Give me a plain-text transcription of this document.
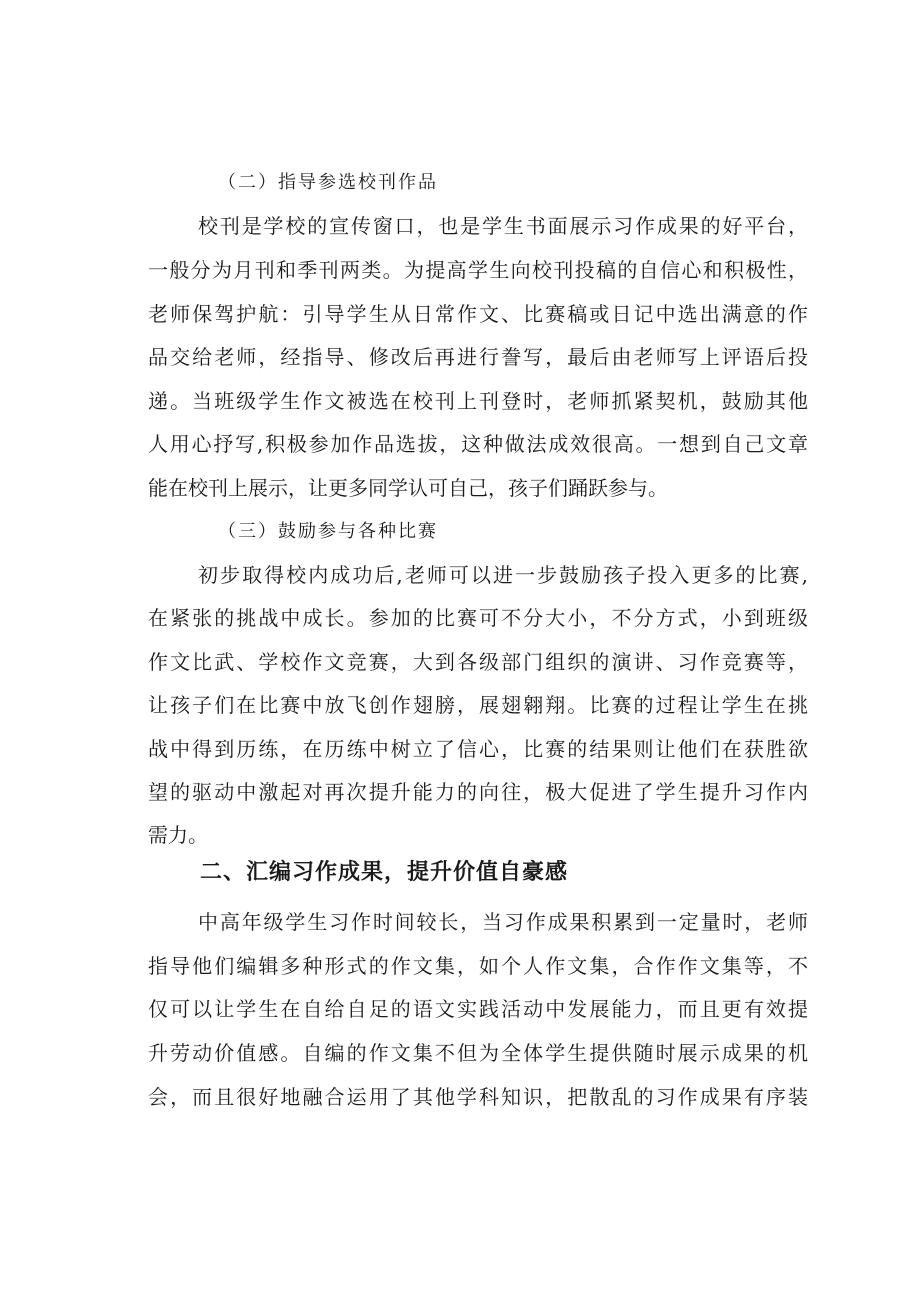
（二）指导参选校刊作品
校刊是学校的宣传窗口，也是学生书面展示习作成果的好平台，
一般分为月刊和季刊两类。为提高学生向校刊投稿的自信心和积极性，
老师保驾护航：引导学生从日常作文、比赛稿或日记中选出满意的作
品交给老师，经指导、修改后再进行誊写，最后由老师写上评语后投
递。当班级学生作文被选在校刊上刊登时，老师抓紧契机，鼓励其他
人用心抒写,积极参加作品选拔，这种做法成效很高。一想到自己文章
能在校刊上展示，让更多同学认可自己，孩子们踊跃参与。
（三）鼓励参与各种比赛
初步取得校内成功后,老师可以进一步鼓励孩子投入更多的比赛,
在紧张的挑战中成长。参加的比赛可不分大小，不分方式，小到班级
作文比武、学校作文竞赛，大到各级部门组织的演讲、习作竞赛等，
让孩子们在比赛中放飞创作翅膀，展翅翱翔。比赛的过程让学生在挑
战中得到历练，在历练中树立了信心，比赛的结果则让他们在获胜欲
望的驱动中激起对再次提升能力的向往，极大促进了学生提升习作内
需力。
二、汇编习作成果，提升价值自豪感
中高年级学生习作时间较长，当习作成果积累到一定量时，老师
指导他们编辑多种形式的作文集，如个人作文集，合作作文集等，不
仅可以让学生在自给自足的语文实践活动中发展能力，而且更有效提
升劳动价值感。自编的作文集不但为全体学生提供随时展示成果的机
会，而且很好地融合运用了其他学科知识，把散乱的习作成果有序装
